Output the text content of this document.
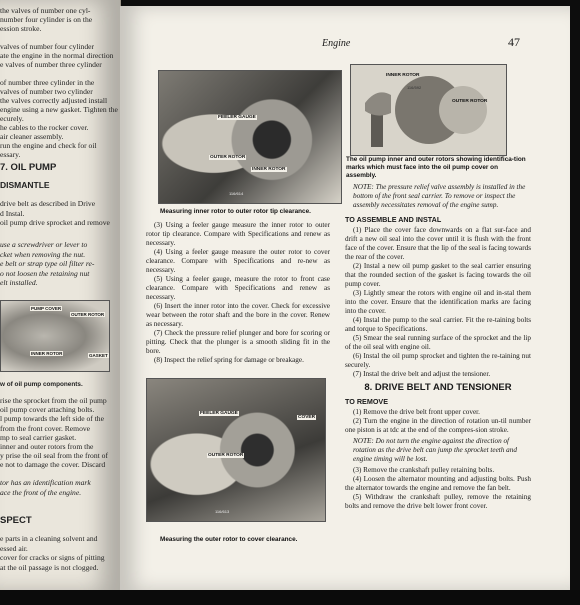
the valves of number one cyl-
number four cylinder is on the
ession stroke.
valves of number four cylinder
ate the engine in the normal direction
e valves of number three cylinder
of number three cylinder in the
valves of number two cylinder
the valves correctly adjusted install
engine using a new gasket. Tighten the
ecurely.
he cables to the rocker cover.
air cleaner assembly.
run the engine and check for oil
essary.
7. OIL PUMP
DISMANTLE
drive belt as described in Drive
d Instal.
oil pump drive sprocket and remove
use a screwdriver or lever to
cket when removing the nut.
e belt or strap type oil filter re-
o not loosen the retaining nut
elt installed.
PUMP COVER
OUTER ROTOR
INNER ROTOR	GASKET
w of oil pump components.
rise the sprocket from the oil pump
oil pump cover attaching bolts.
l pump towards the left side of the
from the front cover. Remove
mp to seal carrier gasket.
inner and outer rotors from the
y prise the oil seal from the front of
e not to damage the cover. Discard
tor has an identification mark
ace the front of the engine.
SPECT
e parts in a cleaning solvent and
essed air.
cover for cracks or signs of pitting
at the oil passage is not clogged.
Engine	47
FEELER GAUGE
OUTER ROTOR
INNER ROTOR
116/614
Measuring inner rotor to outer rotor tip clearance.
INNER ROTOR
OUTER ROTOR
116/592
The oil pump inner and outer rotors showing identifica-tion marks which must face into the oil pump cover on assembly.
FEELER GAUGE
COVER
OUTER ROTOR
116/613
Measuring the outer rotor to cover clearance.

(3) Using a feeler gauge measure the inner rotor to outer rotor tip clearance. Compare with Specifications and renew as necessary.

(4) Using a feeler gauge measure the outer rotor to cover clearance. Compare with Specifications and re-new as necessary.

(5) Using a feeler gauge, measure the rotor to front case clearance. Compare with Specifications and renew as necessary.

(6) Insert the inner rotor into the cover. Check for excessive wear between the rotor shaft and the bore in the cover. Renew as necessary.

(7) Check the pressure relief plunger and bore for scoring or pitting. Check that the plunger is a smooth sliding fit in the bore.

(8) Inspect the relief spring for damage or breakage.

NOTE: The pressure relief valve assembly is installed in the bottom of the front seal carrier. To remove or inspect the assembly necessitates removal of the engine sump.

TO ASSEMBLE AND INSTAL

(1) Place the cover face downwards on a flat sur-face and drift a new oil seal into the cover until it is flush with the front face of the cover. Ensure that the lip of the seal is facing towards the rear of the cover.

(2) Instal a new oil pump gasket to the seal carrier ensuring that the rounded section of the gasket is facing towards the oil pump cover.

(3) Lightly smear the rotors with engine oil and in-stal them into the cover. Ensure that the identification marks are facing into the cover.

(4) Instal the pump to the seal carrier. Fit the re-taining bolts and torque to Specifications.

(5) Smear the seal running surface of the sprocket and the lip of the oil seal with engine oil.

(6) Instal the oil pump sprocket and tighten the re-taining nut securely.

(7) Instal the drive belt and adjust the tensioner.

8. DRIVE BELT AND TENSIONER
TO REMOVE

(1) Remove the drive belt front upper cover.

(2) Turn the engine in the direction of rotation un-til number one piston is at tdc at the end of the compres-sion stroke.

NOTE: Do not turn the engine against the direction of rotation as the drive belt can jump the sprocket teeth and engine timing will be lost.

(3) Remove the crankshaft pulley retaining bolts.

(4) Loosen the alternator mounting and adjusting bolts. Push the alternator towards the engine and remove the fan belt.

(5) Withdraw the crankshaft pulley, remove the retaining bolts and remove the drive belt lower front cover.
